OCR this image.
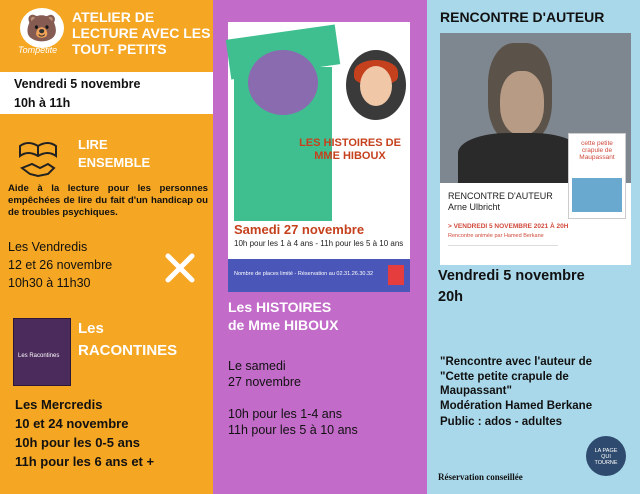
🐻
Tompetite
ATELIER DE LECTURE AVEC LES TOUT- PETITS
Vendredi 5 novembre
10h à 11h
LIRE
ENSEMBLE
Aide à la lecture pour les personnes empêchées de lire du fait d'un handicap ou de troubles psychiques.
Les Vendredis
12 et 26 novembre
10h30 à 11h30
Les Racontines
Les
RACONTINES
Les Mercredis
10 et 24 novembre
10h pour les 0-5 ans
11h pour les 6 ans et +
LES HISTOIRES DE MME HIBOUX
Samedi 27 novembre
10h pour les 1 à 4 ans - 11h pour les 5 à 10 ans
Nombre de places limité - Réservation au 02.31.26.30.32
Les HISTOIRES
de Mme HIBOUX
Le samedi
27 novembre
10h pour les 1-4 ans
11h pour les 5 à 10 ans
RENCONTRE D'AUTEUR
cette petite crapule de Maupassant
RENCONTRE D'AUTEUR
Arne Ulbricht
> VENDREDI 5 NOVEMBRE 2021 À 20H
Rencontre animée par Hamed Berkane
Vendredi 5 novembre
20h
"Rencontre avec l'auteur de
"Cette petite crapule de
Maupassant"
Modération Hamed Berkane
Public : ados - adultes
LA PAGE QUI TOURNE
Réservation conseillée
